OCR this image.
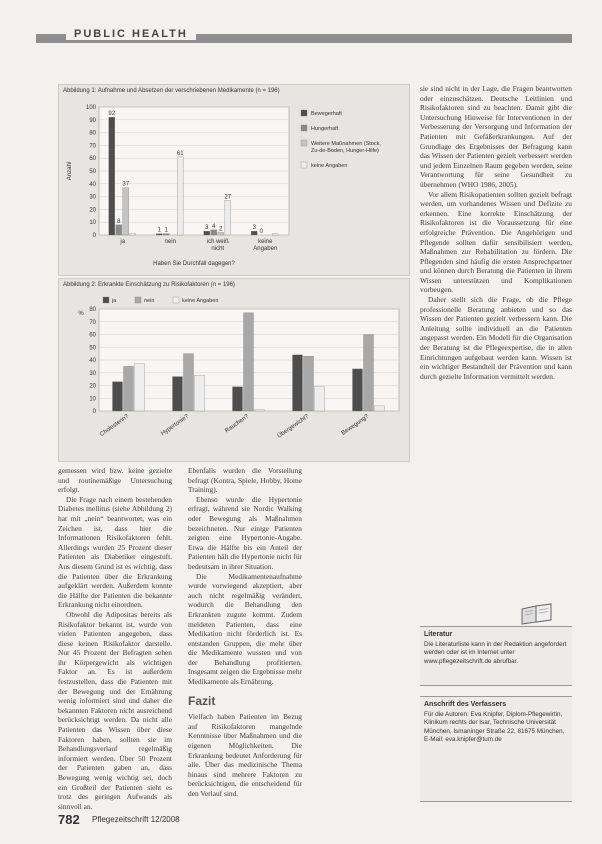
PUBLIC HEALTH
Abbildung 1: Aufnahme und Absetzen der verschriebenen Medikamente (n = 196)
0
10
20
30
40
50
60
70
80
90
100
Anzahl
92
8
37
ja
1 1
61
nein
3 4 2
27
ich weiß
nicht
3
0
keine
Angaben
Haben Sie Durchfall dagegen?
Bewegerhaft
Hungerhaft
Weitere Maßnahmen (Stock,
Zu-de-Boden, Hunger-Hilfe)
keine Angaben
Abbildung 2: Erkrankte Einschätzung zu Risikofaktoren (n = 196)
0
10
20
30
40
50
60
70
80
%
ja	nein	keine Angaben
Cholesterin?	Hypertonie?	Rauchen?	Übergewicht?	Bewegung?

gemessen wird bzw. keine gezielte und routinemäßige Untersuchung erfolgt.

Die Frage nach einem bestehenden Diabetes mellitus (siehe Abbildung 2) hat mit „nein“ beantwortet, was ein Zeichen ist, dass hier die Informationen Risikofaktoren fehlt. Allerdings wurden 25 Prozent dieser Patienten als Diabetiker eingestuft. Aus diesem Grund ist es wichtig, dass die Patienten über die Erkrankung aufgeklärt werden. Außerdem konnte die Hälfte der Patienten die bekannte Erkrankung nicht einordnen.

Obwohl die Adipositas bereits als Risikofaktor bekannt ist, wurde von vielen Patienten angegeben, dass diese keinen Risikofaktor darstelle. Nur 45 Prozent der Befragten sehen ihr Körpergewicht als wichtigen Faktor an. Es ist außerdem festzustellen, dass die Patienten mit der Bewegung und der Ernährung wenig informiert sind und daher die bekannten Faktoren nicht ausreichend berücksichtigt werden. Da nicht alle Patienten das Wissen über diese Faktoren haben, sollten sie im Behandlungsverlauf regelmäßig informiert werden. Über 50 Prozent der Patienten gaben an, dass Bewegung wenig wichtig sei, doch ein Großteil der Patienten sieht es trotz des geringen Aufwands als sinnvoll an.

Ebenfalls wurden die Vorstellung befragt (Kontra, Spiele, Hobby, Home Training).

Ebenso wurde die Hypertonie erfragt, während sie Nordic Walking oder Bewegung als Maßnahmen bezeichneten. Nur einige Patienten zeigten eine Hypertonie-Angabe. Etwa die Hälfte bis ein Anteil der Patienten hält die Hypertonie nicht für bedeutsam in ihrer Situation.

Die Medikamentenaufnahme wurde vorwiegend akzeptiert, aber auch nicht regelmäßig verändert, wodurch die Behandlung den Erkrankten zugute kommt. Zudem meldeten Patienten, dass eine Medikation nicht förderlich ist. Es entstanden Gruppen, die mehr über die Medikamente wussten und von der Behandlung profitierten. Insgesamt zeigen die Ergebnisse mehr Medikamente als Ernährung.

Fazit

Vielfach haben Patienten im Bezug auf Risikofaktoren mangelnde Kenntnisse über Maßnahmen und die eigenen Möglichkeiten. Die Erkrankung bedeutet Anforderung für alle. Über das medizinische Thema hinaus sind mehrere Faktoren zu berücksichtigen, die entscheidend für den Verlauf sind.

sie sind nicht in der Lage, die Fragen beantworten oder einzuschätzen. Deutsche Leitlinien und Risikofaktoren sind zu beachten. Damit gibt die Untersuchung Hinweise für Interventionen in der Verbesserung der Versorgung und Information der Patienten mit Gefäßerkrankungen. Auf der Grundlage des Ergebnisses der Befragung kann das Wissen der Patienten gezielt verbessert werden und jedem Einzelnen Raum gegeben werden, seine Verantwortung für seine Gesundheit zu übernehmen (WHO 1986, 2005).

Vor allem Risikopatienten sollten gezielt befragt werden, um vorhandenes Wissen und Defizite zu erkennen. Eine korrekte Einschätzung der Risikofaktoren ist die Voraussetzung für eine erfolgreiche Prävention. Die Angehörigen und Pflegende sollten dafür sensibilisiert werden, Maßnahmen zur Rehabilitation zu fördern. Die Pflegenden sind häufig die ersten Ansprechpartner und können durch Beratung die Patienten in ihrem Wissen unterstützen und Komplikationen vorbeugen.

Daher stellt sich die Frage, ob die Pflege professionelle Beratung anbieten und so das Wissen der Patienten gezielt verbessern kann. Die Anleitung sollte individuell an die Patienten angepasst werden. Ein Modell für die Organisation der Beratung ist die Pflegeexpertise, die in allen Einrichtungen aufgebaut werden kann. Wissen ist ein wichtiger Bestandteil der Prävention und kann durch gezielte Information vermittelt werden.

Literatur
Die Literaturliste kann in der Redaktion angefordert werden oder ist im Internet unter www.pflegezeitschrift.de abrufbar.
Anschrift des Verfassers
Für die Autoren: Eva Knipfer, Diplom-Pflegewirtin, Klinikum rechts der Isar, Technische Universität München, Ismaninger Straße 22, 81675 München, E-Mail: eva.knipfer@tum.de
782 Pflegezeitschrift 12/2008
